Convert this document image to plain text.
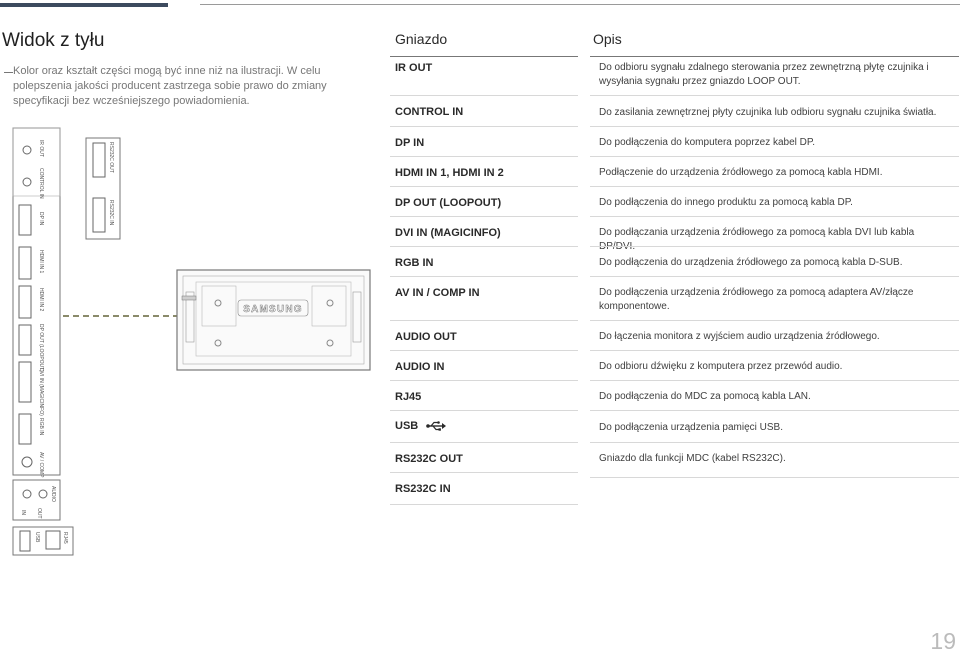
Widok z tyłu
Kolor oraz kształt części mogą być inne niż na ilustracji. W celu polepszenia jakości producent zastrzega sobie prawo do zmiany specyfikacji bez wcześniejszego powiadomienia.
IR OUT
CONTROL IN
DP IN
HDMI IN 1
HDMI IN 2
DP OUT (LOOPOUT)
DVI IN (MAGICINFO)
RGB IN
AV / COMP
AUDIO
IN OUT
USB	RJ45
RS232C OUT
RS232C IN
SAMSUNG
Gniazdo	Opis
IR OUT	Do odbioru sygnału zdalnego sterowania przez zewnętrzną płytę czujnika i wysyłania sygnału przez gniazdo LOOP OUT.
CONTROL IN	Do zasilania zewnętrznej płyty czujnika lub odbioru sygnału czujnika światła.
DP IN	Do podłączenia do komputera poprzez kabel DP.
HDMI IN 1, HDMI IN 2	Podłączenie do urządzenia źródłowego za pomocą kabla HDMI.
DP OUT (LOOPOUT)	Do podłączenia do innego produktu za pomocą kabla DP.
DVI IN (MAGICINFO)	Do podłączania urządzenia źródłowego za pomocą kabla DVI lub kabla
RGB IN	Do podłączenia do urządzenia źródłowego za pomocą kabla D-SUB.
AV IN / COMP IN	Do podłączenia urządzenia źródłowego za pomocą adaptera AV/złącze komponentowe.
AUDIO OUT	Do łączenia monitora z wyjściem audio urządzenia źródłowego.
AUDIO IN	Do odbioru dźwięku z komputera przez przewód audio.
RJ45	Do podłączenia do MDC za pomocą kabla LAN.
USB	Do podłączenia urządzenia pamięci USB.
RS232C OUT	Gniazdo dla funkcji MDC (kabel RS232C).
RS232C IN
19
